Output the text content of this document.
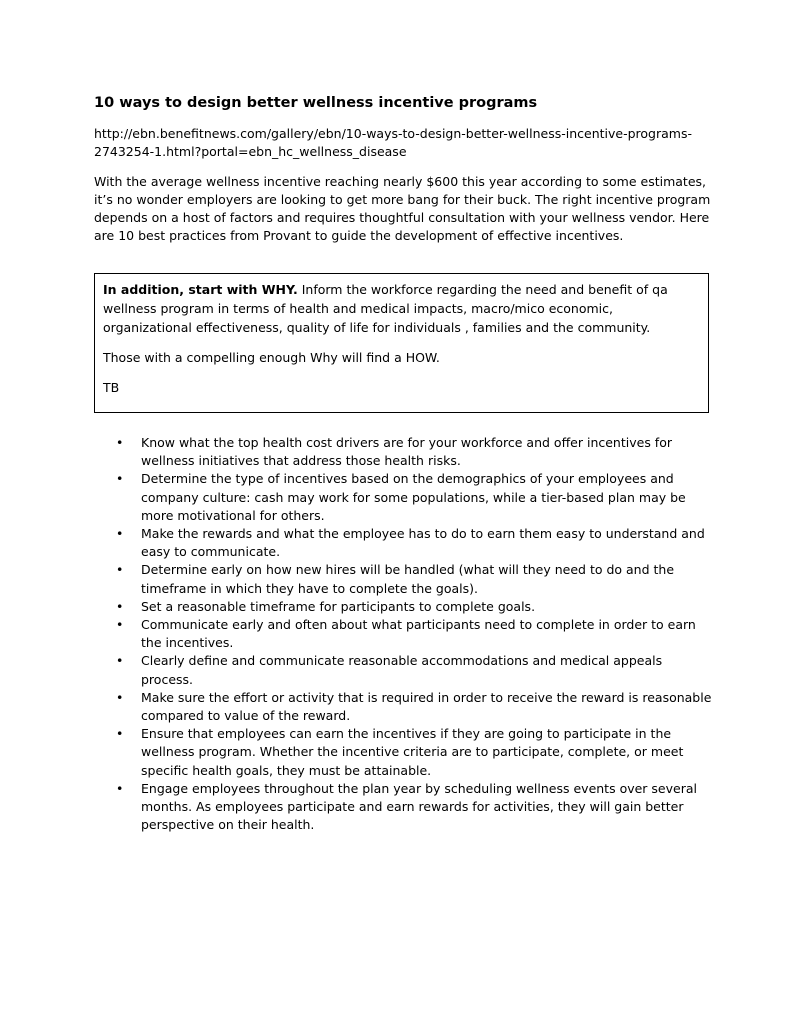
10 ways to design better wellness incentive programs

http://ebn.benefitnews.com/gallery/ebn/10-ways-to-design-better-wellness-incentive-programs-2743254-1.html?portal=ebn_hc_wellness_disease

With the average wellness incentive reaching nearly $600 this year according to some estimates, it’s no wonder employers are looking to get more bang for their buck. The right incentive program depends on a host of factors and requires thoughtful consultation with your wellness vendor. Here are 10 best practices from Provant to guide the development of effective incentives.

In addition, start with WHY. Inform the workforce regarding the need and benefit of qa wellness program in terms of health and medical impacts, macro/mico economic, organizational effectiveness, quality of life for individuals , families and the community.

Those with a compelling enough Why will find a HOW.

TB

• Know what the top health cost drivers are for your workforce and offer incentives for wellness initiatives that address those health risks.
• Determine the type of incentives based on the demographics of your employees and company culture: cash may work for some populations, while a tier-based plan may be more motivational for others.
• Make the rewards and what the employee has to do to earn them easy to understand and easy to communicate.
• Determine early on how new hires will be handled (what will they need to do and the timeframe in which they have to complete the goals).
• Set a reasonable timeframe for participants to complete goals.
• Communicate early and often about what participants need to complete in order to earn the incentives.
• Clearly define and communicate reasonable accommodations and medical appeals process.
• Make sure the effort or activity that is required in order to receive the reward is reasonable compared to value of the reward.
• Ensure that employees can earn the incentives if they are going to participate in the wellness program. Whether the incentive criteria are to participate, complete, or meet specific health goals, they must be attainable.
• Engage employees throughout the plan year by scheduling wellness events over several months. As employees participate and earn rewards for activities, they will gain better perspective on their health.
